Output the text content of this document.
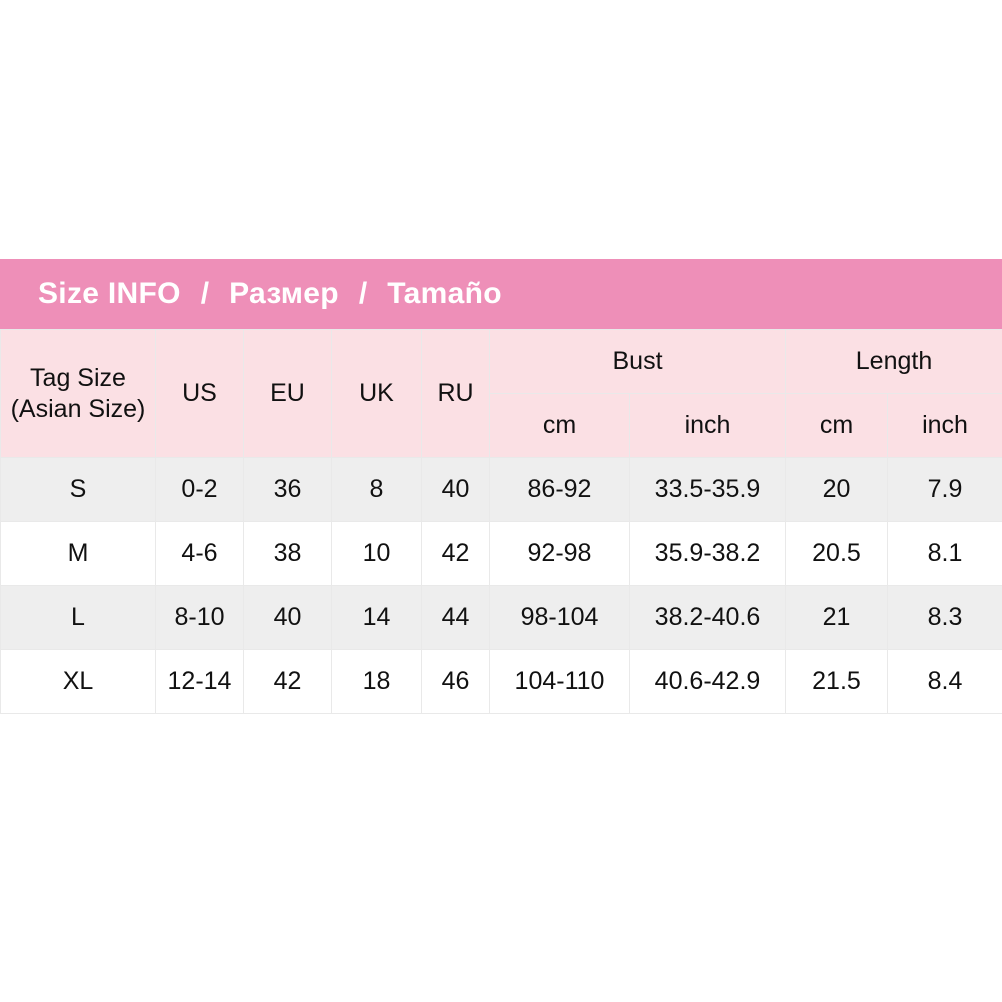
Size INFO / Размер / Tamaño
Tag Size (Asian Size)	US	EU	UK	RU	Bust		Length	
					cm	inch	cm	inch
S	0-2	36	8	40	86-92	33.5-35.9	20	7.9
M	4-6	38	10	42	92-98	35.9-38.2	20.5	8.1
L	8-10	40	14	44	98-104	38.2-40.6	21	8.3
XL	12-14	42	18	46	104-110	40.6-42.9	21.5	8.4
